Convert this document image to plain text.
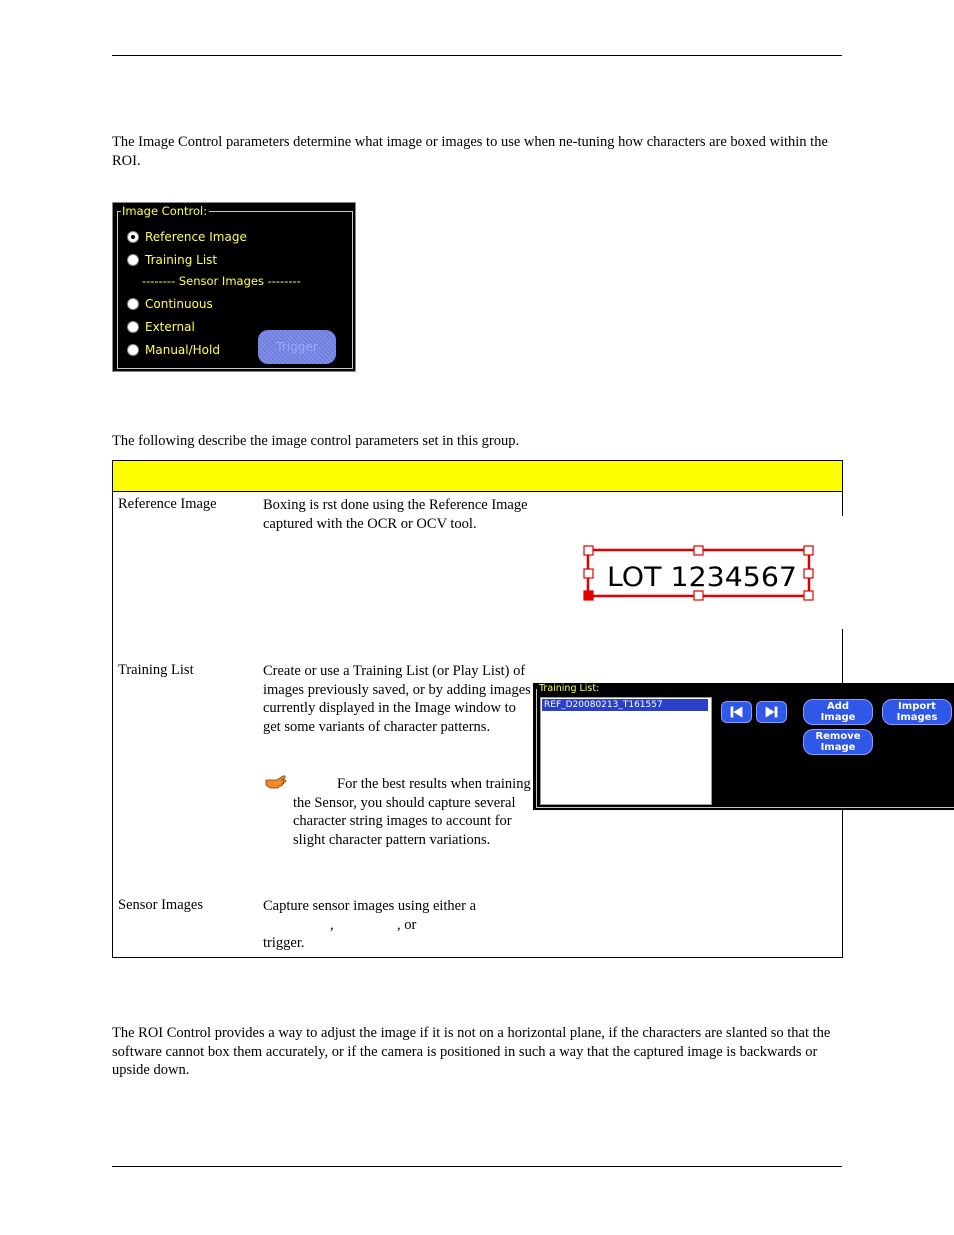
The Image Control parameters determine what image or images to use when ne-tuning how characters are boxed within the ROI.
Image Control:
Reference Image
Training List
-------- Sensor Images --------
Continuous
External
Manual/Hold	Trigger
The following describe the image control parameters set in this group.
Reference Image	Boxing is rst done using the Reference Image captured with the OCR or OCV tool.
Training List	Create or use a Training List (or Play List) of images previously saved, or by adding images currently displayed in the Image window to get some variants of character patterns.
For the best results when training the Sensor, you should capture several character string images to account for slight character pattern variations.
Sensor Images	Capture sensor images using either a
,	, or
trigger.
LOT 1234567
Training List:
REF_D20080213_T161557	Add
Image
Import
Images
Remove
Image
The ROI Control provides a way to adjust the image if it is not on a horizontal plane, if the characters are slanted so that the software cannot box them accurately, or if the camera is positioned in such a way that the captured image is backwards or upside down.
